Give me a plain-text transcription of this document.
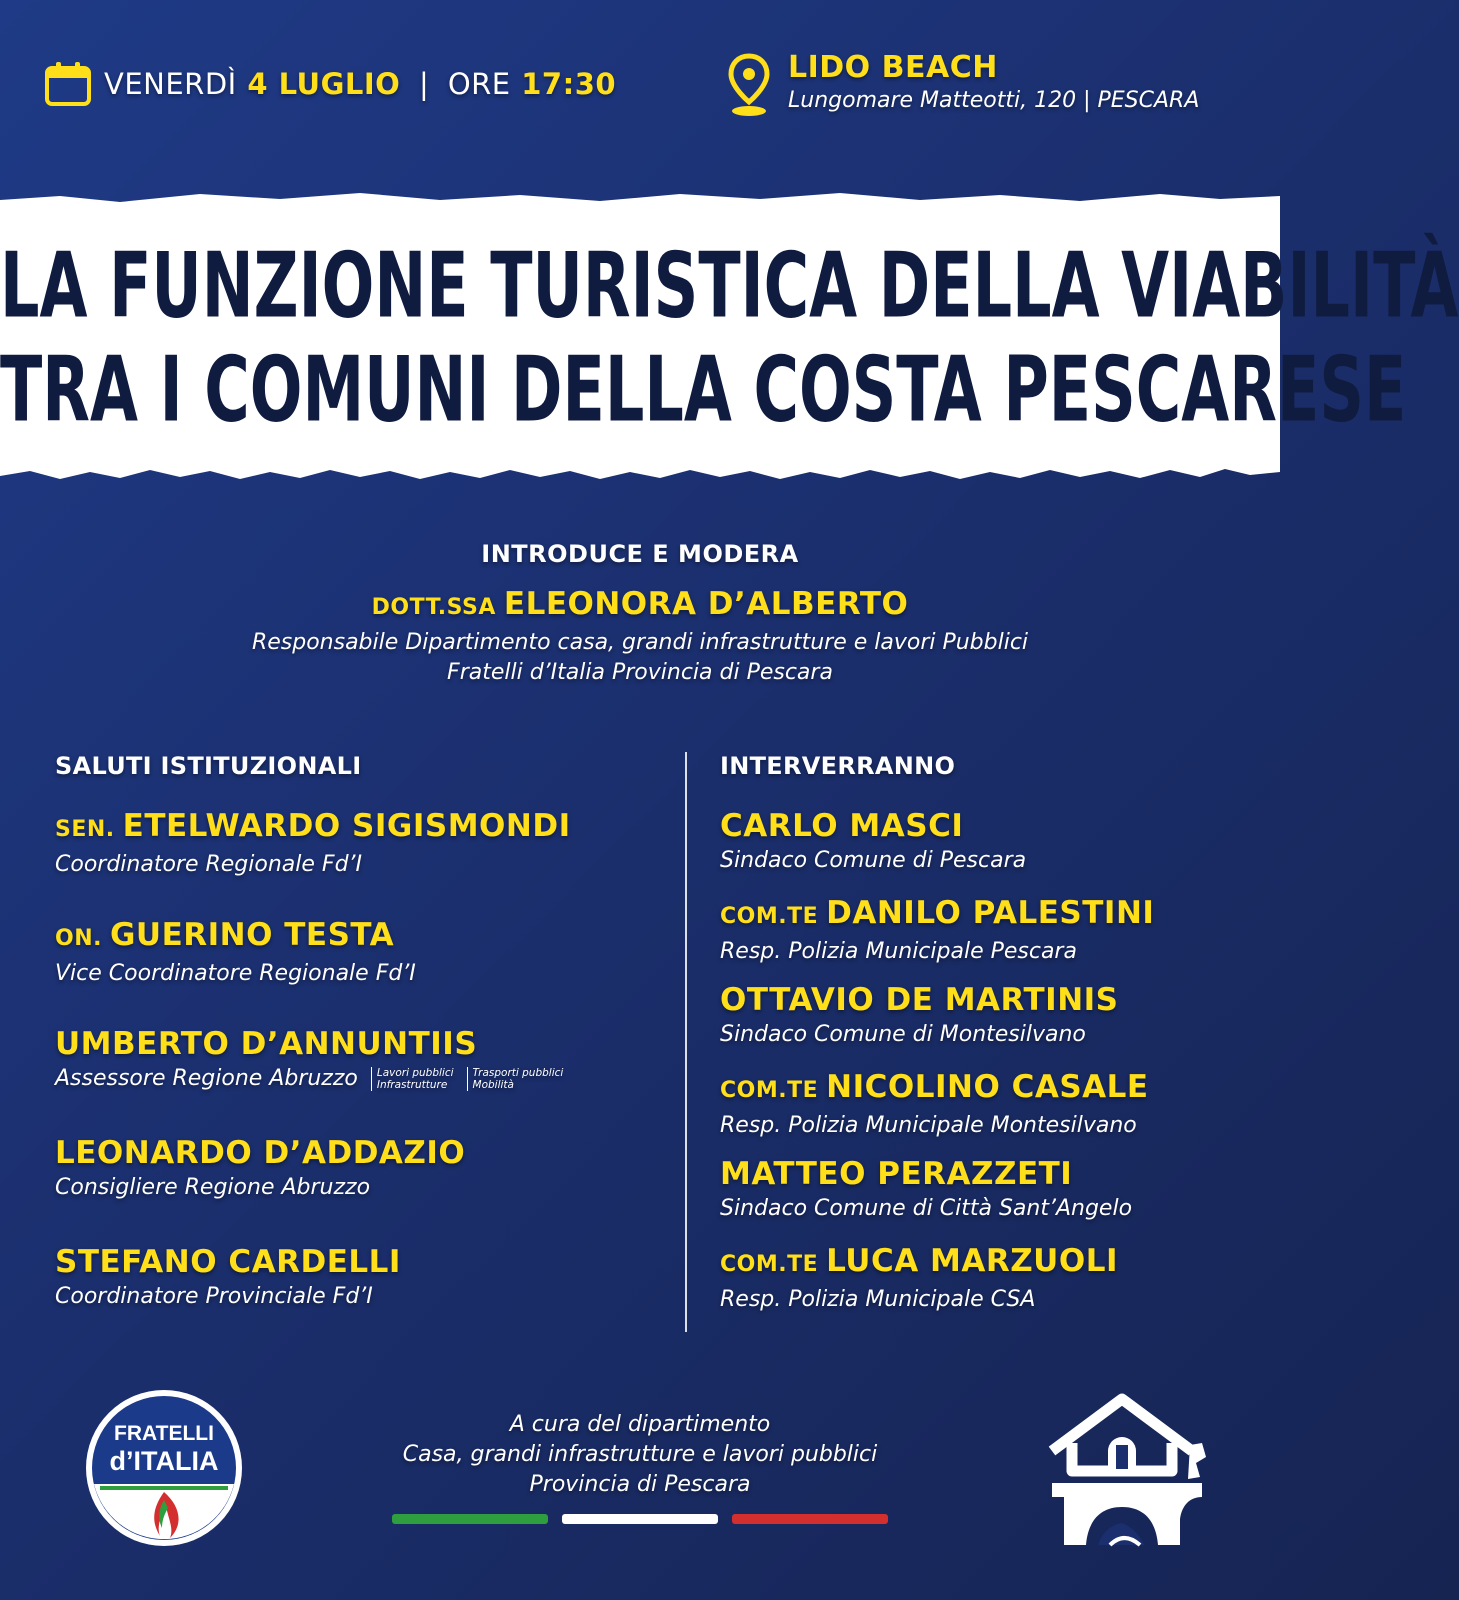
VENERDÌ 4 LUGLIO | ORE 17:30	LIDO BEACH
Lungomare Matteotti, 120 | PESCARA
LA FUNZIONE TURISTICA DELLA VIABILITÀ
TRA I COMUNI DELLA COSTA PESCARESE
INTRODUCE E MODERA
DOTT.SSA ELEONORA D’ALBERTO
Responsabile Dipartimento casa, grandi infrastrutture e lavori Pubblici
Fratelli d’Italia Provincia di Pescara
SALUTI ISTITUZIONALI
SEN. ETELWARDO SIGISMONDI
Coordinatore Regionale Fd’I
ON. GUERINO TESTA
Vice Coordinatore Regionale Fd’I
UMBERTO D’ANNUNTIIS
Assessore Regione Abruzzo Lavori pubblici
Infrastrutture Trasporti pubblici
Mobilità
LEONARDO D’ADDAZIO
Consigliere Regione Abruzzo
STEFANO CARDELLI
Coordinatore Provinciale Fd’I
INTERVERRANNO
CARLO MASCI
Sindaco Comune di Pescara
COM.TE DANILO PALESTINI
Resp. Polizia Municipale Pescara
OTTAVIO DE MARTINIS
Sindaco Comune di Montesilvano
COM.TE NICOLINO CASALE
Resp. Polizia Municipale Montesilvano
MATTEO PERAZZETI
Sindaco Comune di Città Sant’Angelo
COM.TE LUCA MARZUOLI
Resp. Polizia Municipale CSA
FRATELLI
d’ITALIA
A cura del dipartimento
Casa, grandi infrastrutture e lavori pubblici
Provincia di Pescara
